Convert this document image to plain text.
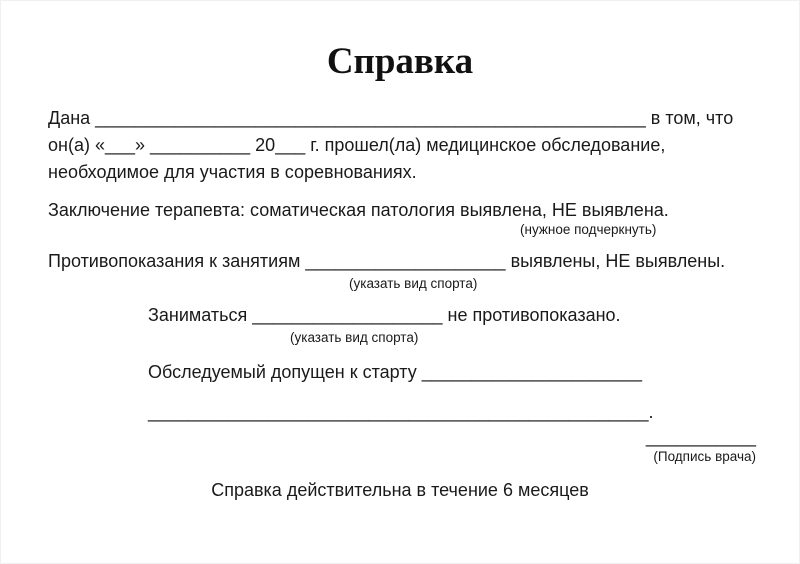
Справка
Дана _______________________________________________________ в том, что
он(а) «___» __________ 20___ г. прошел(ла) медицинское обследование,
необходимое для участия в соревнованиях.
Заключение терапевта: соматическая патология выявлена, НЕ выявлена.
(нужное подчеркнуть)
Противопоказания к занятиям ____________________ выявлены, НЕ выявлены.
(указать вид спорта)
Заниматься ___________________ не противопоказано.
(указать вид спорта)
Обследуемый допущен к старту ______________________
__________________________________________________.
___________
(Подпись врача)
Справка действительна в течение 6 месяцев
